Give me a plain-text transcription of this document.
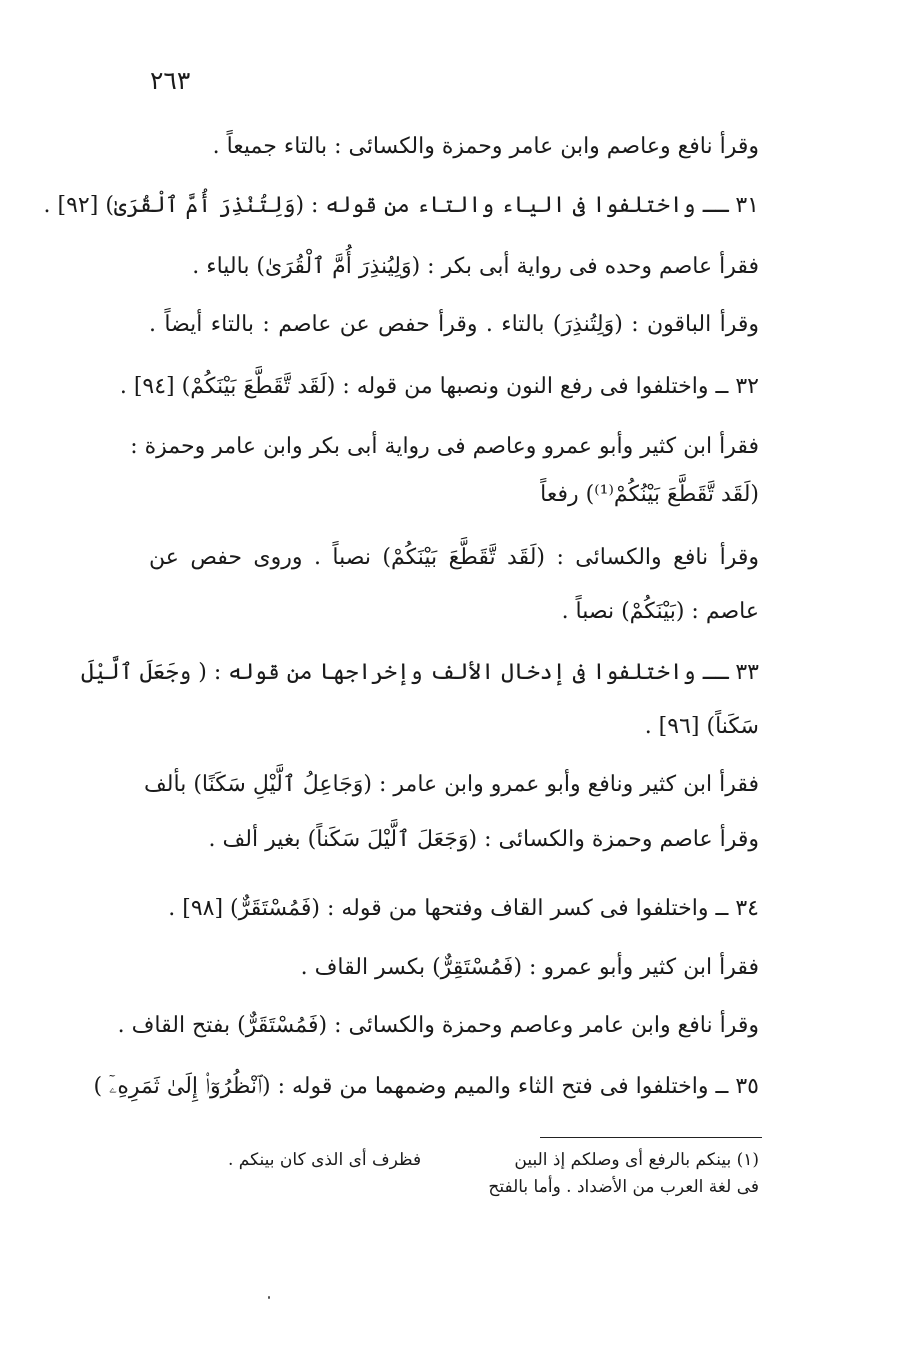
٢٦٣
وقرأ نافع وعاصم وابن عامر وحمزة والكسائى : بالتاء جميعاً .
٣١ ــ واختلفوا فى الياء والتاء من قوله : (وَلِتُنْذِرَ أُمَّ ٱلْقُرَىٰ) [٩٢] .
فقرأ عاصم وحده فى رواية أبى بكر : (وَلِيُنذِرَ أُمَّ ٱلْقُرَىٰ) بالياء .
وقرأ الباقون : (وَلِتُنذِرَ) بالتاء . وقرأ حفص عن عاصم : بالتاء أيضاً .
٣٢ ــ واختلفوا فى رفع النون ونصبها من قوله : (لَقَد تَّقَطَّعَ بَيْنَكُمْ) [٩٤] .
فقرأ ابن كثير وأبو عمرو وعاصم فى رواية أبى بكر وابن عامر وحمزة :
(لَقَد تَّقَطَّعَ بَيْنُكُمْ⁽¹⁾) رفعاً
وقرأ نافع والكسائى : (لَقَد تَّقَطَّعَ بَيْنَكُمْ) نصباً . وروى حفص عن
عاصم : (بَيْنَكُمْ) نصباً .
٣٣ ــ واختلفوا فى إدخال الألف وإخراجها من قوله : ( وجَعَلَ ٱلَّيْلَ
سَكَناً) [٩٦] .
فقرأ ابن كثير ونافع وأبو عمرو وابن عامر : (وَجَاعِلُ ٱلَّيْلِ سَكَنًا) بألف
وقرأ عاصم وحمزة والكسائى : (وَجَعَلَ ٱلَّيْلَ سَكَناً) بغير ألف .
٣٤ ــ واختلفوا فى كسر القاف وفتحها من قوله : (فَمُسْتَقَرٌّ) [٩٨] .
فقرأ ابن كثير وأبو عمرو : (فَمُسْتَقِرٌّ) بكسر القاف .
وقرأ نافع وابن عامر وعاصم وحمزة والكسائى : (فَمُسْتَقَرٌّ) بفتح القاف .
٣٥ ــ واختلفوا فى فتح الثاء والميم وضمهما من قوله : (ٱنْظُرُوٓا۟ إِلَىٰ ثَمَرِهِۦٓ )
(١) بينكم بالرفع أى وصلكم إذ البين
فظرف أى الذى كان بينكم .
فى لغة العرب من الأضداد . وأما بالفتح
